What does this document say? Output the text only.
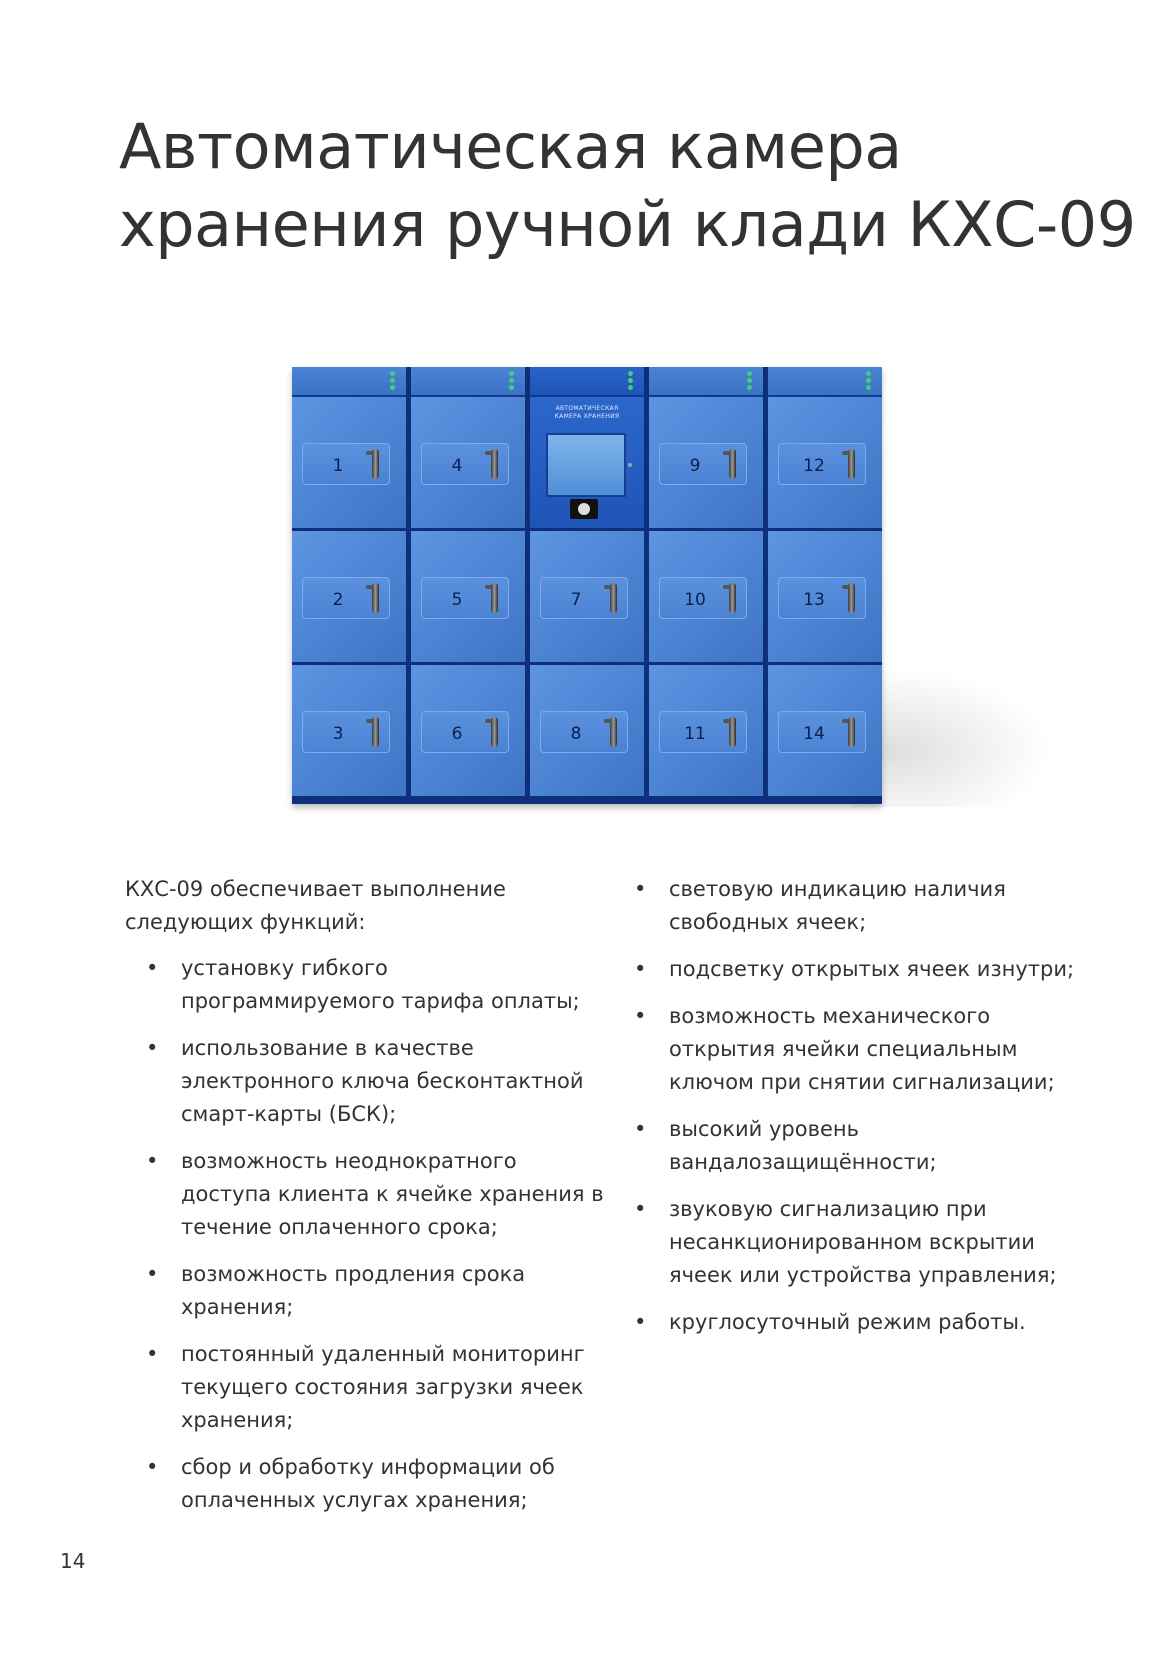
Автоматическая камера
хранения ручной клади КХС-09
1
2
3
4
5
6
АВТОМАТИЧЕСКАЯ
КАМЕРА ХРАНЕНИЯ
7
8
9
10
11
12
13
14
КХС-09 обеспечивает выполнение следующих функций:
• установку гибкого программируемого тарифа оплаты;
• использование в качестве электронного ключа бесконтактной смарт-карты (БСК);
• возможность неоднократного доступа клиента к ячейке хранения в течение оплаченного срока;
• возможность продления срока хранения;
• постоянный удаленный мониторинг текущего состояния загрузки ячеек хранения;
• сбор и обработку информации об оплаченных услугах хранения;
• световую индикацию наличия свободных ячеек;
• подсветку открытых ячеек изнутри;
• возможность механического открытия ячейки специальным ключом при снятии сигнализации;
• высокий уровень вандалозащищённости;
• звуковую сигнализацию при несанкционированном вскрытии ячеек или устройства управления;
• круглосуточный режим работы.
14
